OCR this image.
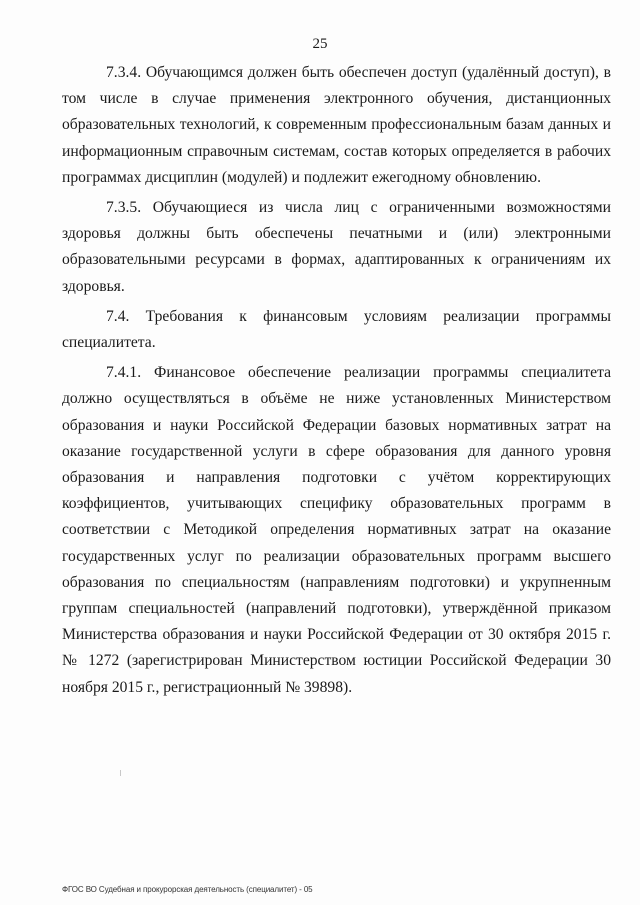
25

7.3.4. Обучающимся должен быть обеспечен доступ (удалённый доступ), в том числе в случае применения электронного обучения, дистанционных образовательных технологий, к современным профессиональным базам данных и информационным справочным системам, состав которых определяется в рабочих программах дисциплин (модулей) и подлежит ежегодному обновлению.

7.3.5. Обучающиеся из числа лиц с ограниченными возможностями здоровья должны быть обеспечены печатными и (или) электронными образовательными ресурсами в формах, адаптированных к ограничениям их здоровья.

7.4. Требования к финансовым условиям реализации программы специалитета.

7.4.1. Финансовое обеспечение реализации программы специалитета должно осуществляться в объёме не ниже установленных Министерством образования и науки Российской Федерации базовых нормативных затрат на оказание государственной услуги в сфере образования для данного уровня образования и направления подготовки с учётом корректирующих коэффициентов, учитывающих специфику образовательных программ в соответствии с Методикой определения нормативных затрат на оказание государственных услуг по реализации образовательных программ высшего образования по специальностям (направлениям подготовки) и укрупненным группам специальностей (направлений подготовки), утверждённой приказом Министерства образования и науки Российской Федерации от 30 октября 2015 г. № 1272 (зарегистрирован Министерством юстиции Российской Федерации 30 ноября 2015 г., регистрационный № 39898).

ФГОС ВО Судебная и прокурорская деятельность (специалитет) - 05
